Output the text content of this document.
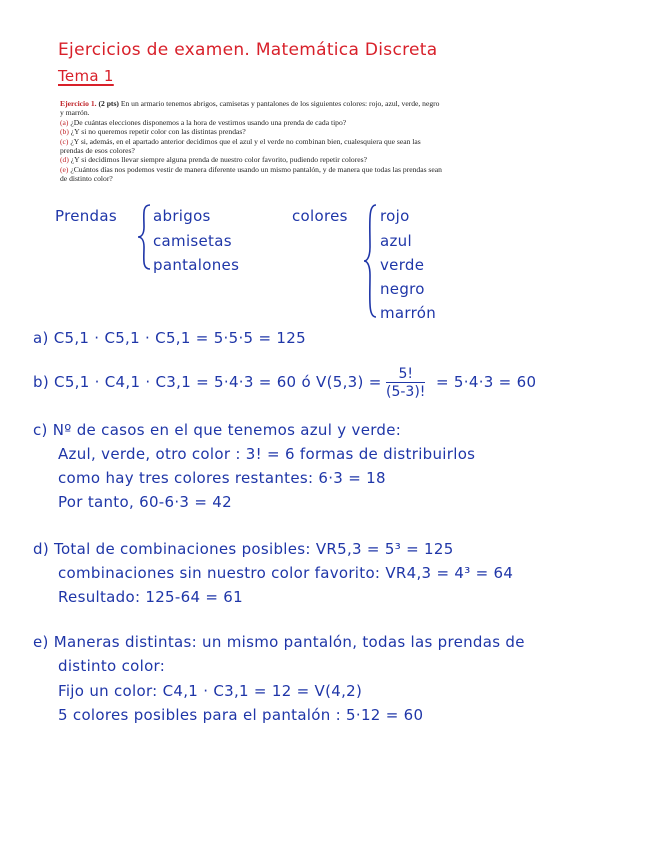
Ejercicios de examen. Matemática Discreta
Tema 1

Ejercicio 1. (2 pts) En un armario tenemos abrigos, camisetas y pantalones de los siguientes colores: rojo, azul, verde, negro y marrón.

(a) ¿De cuántas elecciones disponemos a la hora de vestirnos usando una prenda de cada tipo?

(b) ¿Y si no queremos repetir color con las distintas prendas?

(c) ¿Y si, además, en el apartado anterior decidimos que el azul y el verde no combinan bien, cualesquiera que sean las prendas de esos colores?

(d) ¿Y si decidimos llevar siempre alguna prenda de nuestro color favorito, pudiendo repetir colores?

(e) ¿Cuántos días nos podemos vestir de manera diferente usando un mismo pantalón, y de manera que todas las prendas sean de distinto color?

Prendas abrigos
camisetas
pantalones
colores rojo
azul
verde
negro
marrón
a) C5,1 · C5,1 · C5,1 = 5·5·5 = 125
b) C5,1 · C4,1 · C3,1 = 5·4·3 = 60 ó $V(5,3) = \frac{5!}{(5-3)!} = 5\cdot 4\cdot 3 = 60$
c) Nº de casos en el que tenemos azul y verde:
Azul, verde, otro color : 3! = 6 formas de distribuirlos
como hay tres colores restantes: 6·3 = 18
Por tanto, 60-6·3 = 42
d) Total de combinaciones posibles: VR5,3 = 5³ = 125
combinaciones sin nuestro color favorito: VR4,3 = 4³ = 64
Resultado: 125-64 = 61
e) Maneras distintas: un mismo pantalón, todas las prendas de
distinto color:
Fijo un color: C4,1 · C3,1 = 12 = V(4,2)
5 colores posibles para el pantalón : 5·12 = 60
